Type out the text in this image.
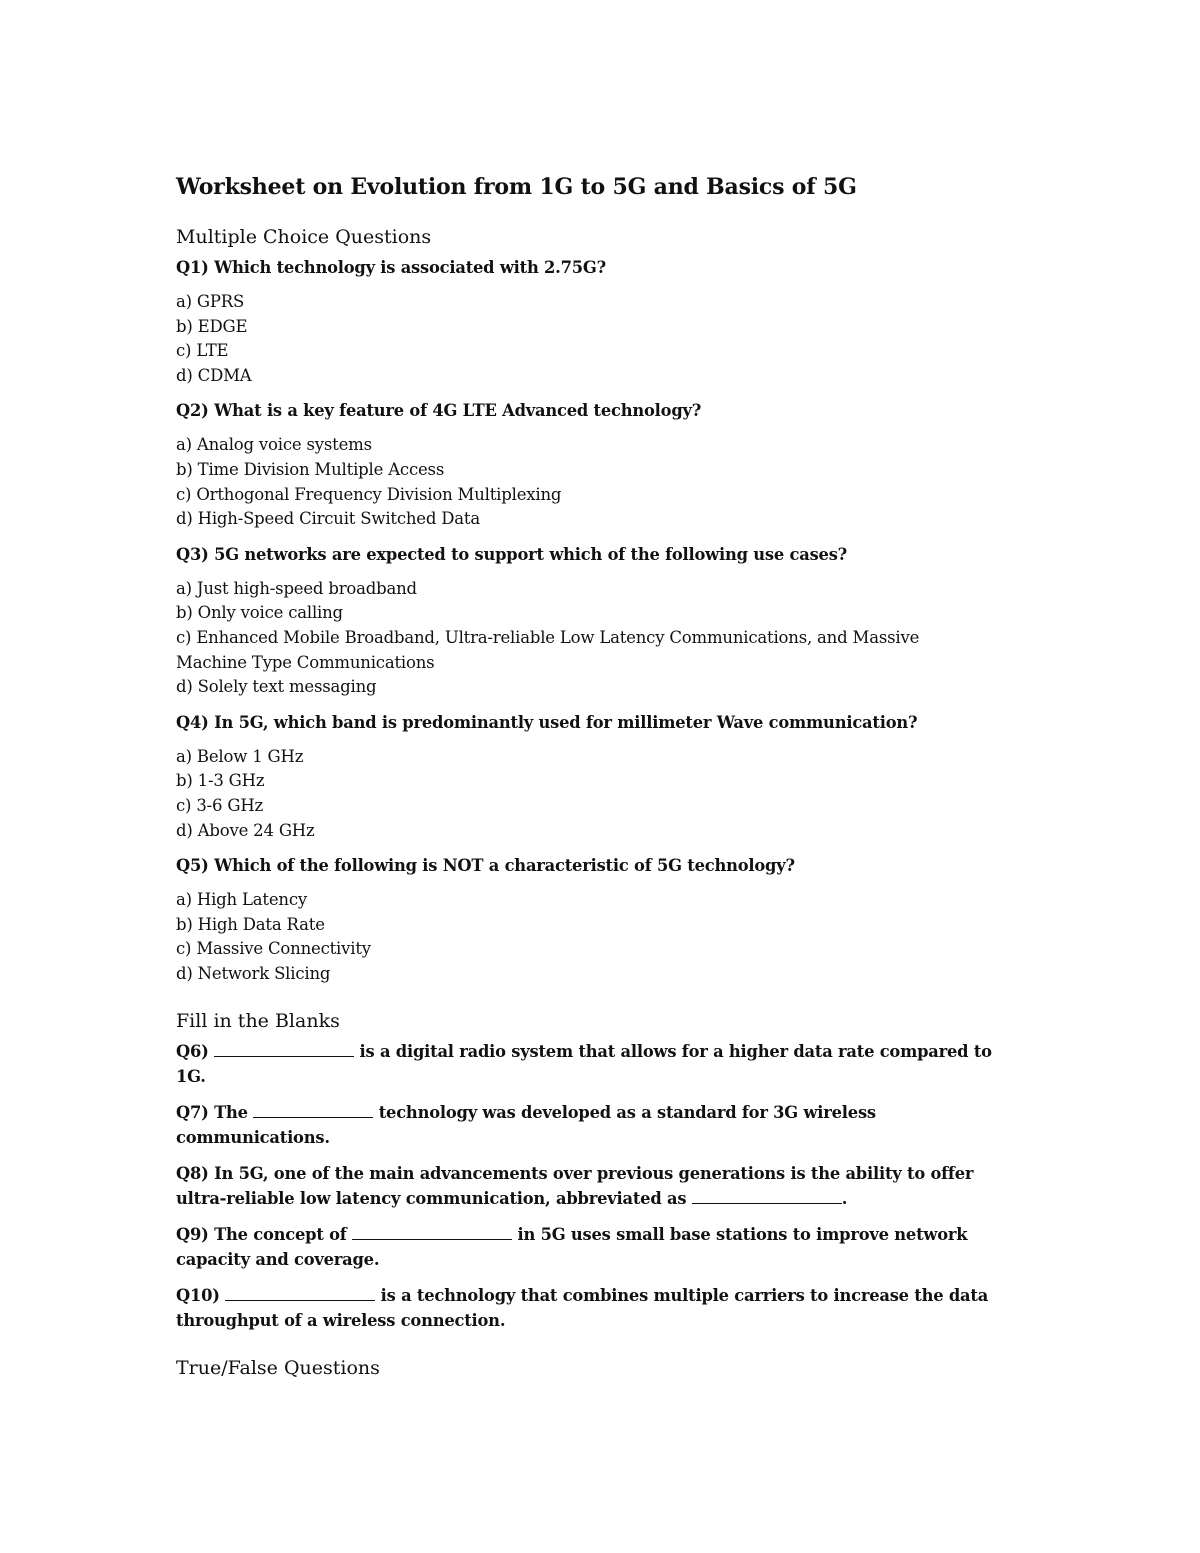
Worksheet on Evolution from 1G to 5G and Basics of 5G
Multiple Choice Questions

Q1) Which technology is associated with 2.75G?

a) GPRS
b) EDGE
c) LTE
d) CDMA

Q2) What is a key feature of 4G LTE Advanced technology?

a) Analog voice systems
b) Time Division Multiple Access
c) Orthogonal Frequency Division Multiplexing
d) High-Speed Circuit Switched Data

Q3) 5G networks are expected to support which of the following use cases?

a) Just high-speed broadband
b) Only voice calling
c) Enhanced Mobile Broadband, Ultra-reliable Low Latency Communications, and Massive Machine Type Communications
d) Solely text messaging

Q4) In 5G, which band is predominantly used for millimeter Wave communication?

a) Below 1 GHz
b) 1-3 GHz
c) 3-6 GHz
d) Above 24 GHz

Q5) Which of the following is NOT a characteristic of 5G technology?

a) High Latency
b) High Data Rate
c) Massive Connectivity
d) Network Slicing
Fill in the Blanks

Q6)	is a digital radio system that allows for a higher data rate compared to 1G.

Q7) The	technology was developed as a standard for 3G wireless communications.

Q8) In 5G, one of the main advancements over previous generations is the ability to offer ultra-reliable low latency communication, abbreviated as	.

Q9) The concept of	in 5G uses small base stations to improve network capacity and coverage.

Q10)	is a technology that combines multiple carriers to increase the data throughput of a wireless connection.

True/False Questions
